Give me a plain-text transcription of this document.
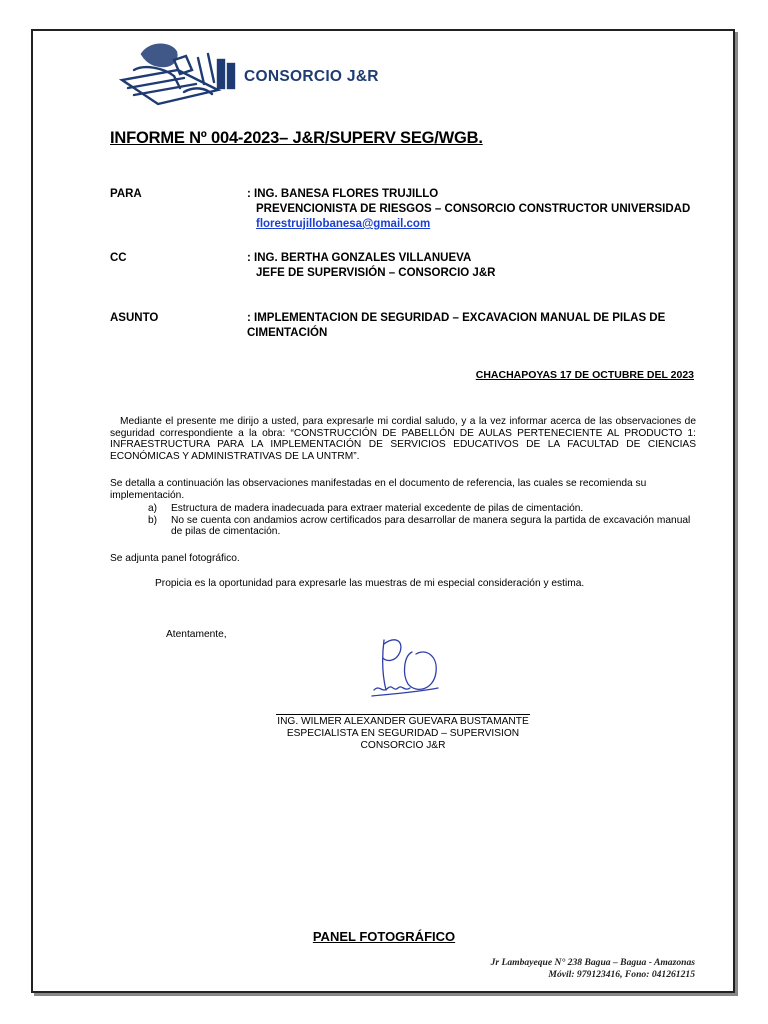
CONSORCIO J&R
INFORME Nº 004-2023– J&R/SUPERV SEG/WGB.
PARA	: ING. BANESA FLORES TRUJILLO
PREVENCIONISTA DE RIESGOS – CONSORCIO CONSTRUCTOR UNIVERSIDAD
florestrujillobanesa@gmail.com
CC	: ING. BERTHA GONZALES VILLANUEVA
JEFE DE SUPERVISIÓN – CONSORCIO J&R
ASUNTO	: IMPLEMENTACION DE SEGURIDAD – EXCAVACION MANUAL DE PILAS DE
CIMENTACIÓN
CHACHAPOYAS 17 DE OCTUBRE DEL 2023
Mediante el presente me dirijo a usted, para expresarle mi cordial saludo, y a la vez informar acerca de las observaciones de seguridad correspondiente a la obra: “CONSTRUCCIÓN DE PABELLÓN DE AULAS PERTENECIENTE AL PRODUCTO 1: INFRAESTRUCTURA PARA LA IMPLEMENTACIÓN DE SERVICIOS EDUCATIVOS DE LA FACULTAD DE CIENCIAS ECONÓMICAS Y ADMINISTRATIVAS DE LA UNTRM”.
Se detalla a continuación las observaciones manifestadas en el documento de referencia, las cuales se recomienda su implementación.
a)	Estructura de madera inadecuada para extraer material excedente de pilas de cimentación.
b)	No se cuenta con andamios acrow certificados para desarrollar de manera segura la partida de excavación manual de pilas de cimentación.
Se adjunta panel fotográfico.
Propicia es la oportunidad para expresarle las muestras de mi especial consideración y estima.
Atentamente,
ING. WILMER ALEXANDER GUEVARA BUSTAMANTE
ESPECIALISTA EN SEGURIDAD – SUPERVISION
CONSORCIO J&R
PANEL FOTOGRÁFICO
Jr Lambayeque N° 238 Bagua – Bagua - Amazonas
Móvil: 979123416, Fono: 041261215
